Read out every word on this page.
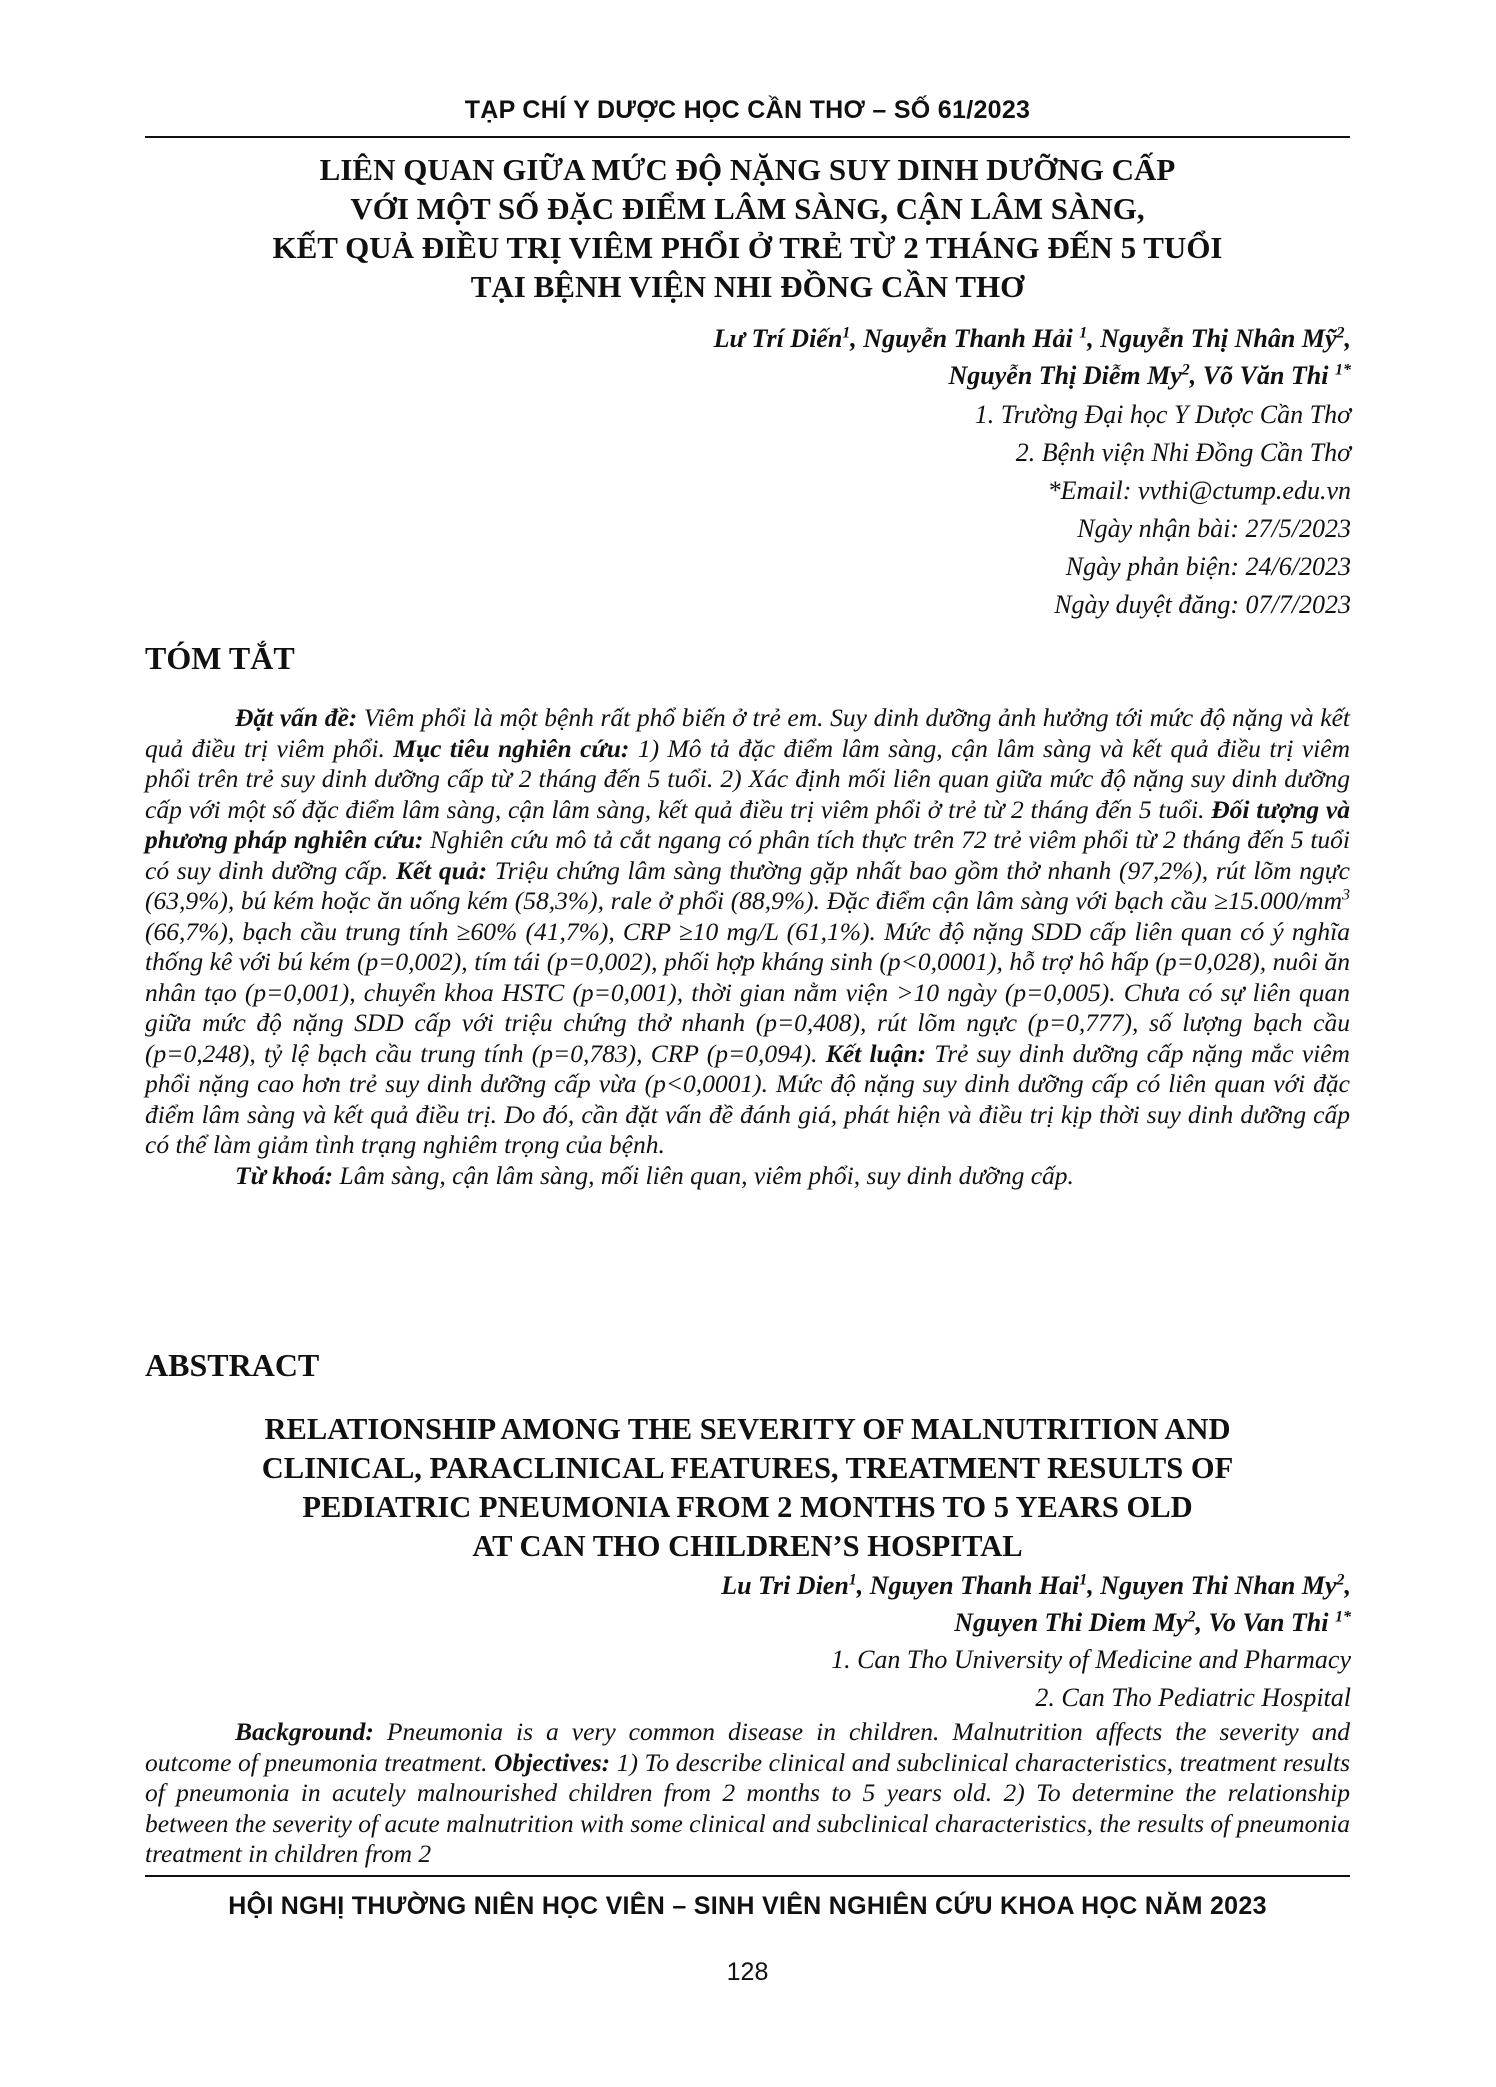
TẠP CHÍ Y DƯỢC HỌC CẦN THƠ – SỐ 61/2023
LIÊN QUAN GIỮA MỨC ĐỘ NẶNG SUY DINH DƯỠNG CẤP
VỚI MỘT SỐ ĐẶC ĐIỂM LÂM SÀNG, CẬN LÂM SÀNG,
KẾT QUẢ ĐIỀU TRỊ VIÊM PHỔI Ở TRẺ TỪ 2 THÁNG ĐẾN 5 TUỔI
TẠI BỆNH VIỆN NHI ĐỒNG CẦN THƠ
Lư Trí Diến$^1$, Nguyễn Thanh Hải $^1$, Nguyễn Thị Nhân Mỹ$^2$,
Nguyễn Thị Diễm My$^2$, Võ Văn Thi $^{1*}$
1. Trường Đại học Y Dược Cần Thơ
2. Bệnh viện Nhi Đồng Cần Thơ
*Email: vvthi@ctump.edu.vn
Ngày nhận bài: 27/5/2023
Ngày phản biện: 24/6/2023
Ngày duyệt đăng: 07/7/2023
TÓM TẮT

Đặt vấn đề: Viêm phổi là một bệnh rất phổ biến ở trẻ em. Suy dinh dưỡng ảnh hưởng tới mức độ nặng và kết quả điều trị viêm phổi. Mục tiêu nghiên cứu: 1) Mô tả đặc điểm lâm sàng, cận lâm sàng và kết quả điều trị viêm phổi trên trẻ suy dinh dưỡng cấp từ 2 tháng đến 5 tuổi. 2) Xác định mối liên quan giữa mức độ nặng suy dinh dưỡng cấp với một số đặc điểm lâm sàng, cận lâm sàng, kết quả điều trị viêm phổi ở trẻ từ 2 tháng đến 5 tuổi. Đối tượng và phương pháp nghiên cứu: Nghiên cứu mô tả cắt ngang có phân tích thực trên 72 trẻ viêm phổi từ 2 tháng đến 5 tuổi có suy dinh dưỡng cấp. Kết quả: Triệu chứng lâm sàng thường gặp nhất bao gồm thở nhanh (97,2%), rút lõm ngực (63,9%), bú kém hoặc ăn uống kém (58,3%), rale ở phổi (88,9%). Đặc điểm cận lâm sàng với bạch cầu $\ge 15.000/mm^3$ (66,7%), bạch cầu trung tính ≥60% (41,7%), CRP ≥10 mg/L (61,1%). Mức độ nặng SDD cấp liên quan có ý nghĩa thống kê với bú kém (p=0,002), tím tái (p=0,002), phối hợp kháng sinh (p<0,0001), hỗ trợ hô hấp (p=0,028), nuôi ăn nhân tạo (p=0,001), chuyển khoa HSTC (p=0,001), thời gian nằm viện >10 ngày (p=0,005). Chưa có sự liên quan giữa mức độ nặng SDD cấp với triệu chứng thở nhanh (p=0,408), rút lõm ngực (p=0,777), số lượng bạch cầu (p=0,248), tỷ lệ bạch cầu trung tính (p=0,783), CRP (p=0,094). Kết luận: Trẻ suy dinh dưỡng cấp nặng mắc viêm phổi nặng cao hơn trẻ suy dinh dưỡng cấp vừa (p<0,0001). Mức độ nặng suy dinh dưỡng cấp có liên quan với đặc điểm lâm sàng và kết quả điều trị. Do đó, cần đặt vấn đề đánh giá, phát hiện và điều trị kịp thời suy dinh dưỡng cấp có thể làm giảm tình trạng nghiêm trọng của bệnh.

Từ khoá: Lâm sàng, cận lâm sàng, mối liên quan, viêm phổi, suy dinh dưỡng cấp.

ABSTRACT
RELATIONSHIP AMONG THE SEVERITY OF MALNUTRITION AND
CLINICAL, PARACLINICAL FEATURES, TREATMENT RESULTS OF
PEDIATRIC PNEUMONIA FROM 2 MONTHS TO 5 YEARS OLD
AT CAN THO CHILDREN’S HOSPITAL
Lu Tri Dien$^1$, Nguyen Thanh Hai$^1$, Nguyen Thi Nhan My$^2$,
Nguyen Thi Diem My$^2$, Vo Van Thi $^{1*}$
1. Can Tho University of Medicine and Pharmacy
2. Can Tho Pediatric Hospital

Background: Pneumonia is a very common disease in children. Malnutrition affects the severity and outcome of pneumonia treatment. Objectives: 1) To describe clinical and subclinical characteristics, treatment results of pneumonia in acutely malnourished children from 2 months to 5 years old. 2) To determine the relationship between the severity of acute malnutrition with some clinical and subclinical characteristics, the results of pneumonia treatment in children from 2

HỘI NGHỊ THƯỜNG NIÊN HỌC VIÊN – SINH VIÊN NGHIÊN CỨU KHOA HỌC NĂM 2023
128
